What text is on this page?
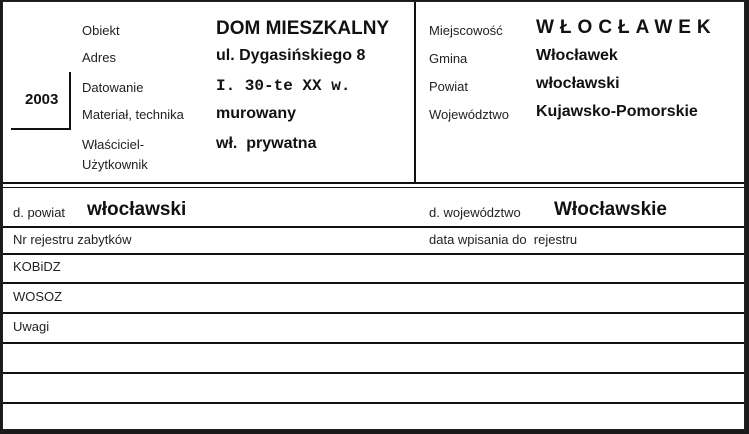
2003
Obiekt	DOM MIESZKALNY
Adres	ul. Dygasińskiego 8
Datowanie	I. 30-te XX w.
Materiał, technika murowany
Właściciel-
Użytkownik
wł.  prywatna
Miejscowość WŁOCŁAWEK
Gmina	Włocławek
Powiat	włocławski
Województwo Kujawsko-Pomorskie
d. powiat włocławski	d. województwo Włocławskie
Nr rejestru zabytków	data wpisania do  rejestru
KOBiDZ
WOSOZ
Uwagi
